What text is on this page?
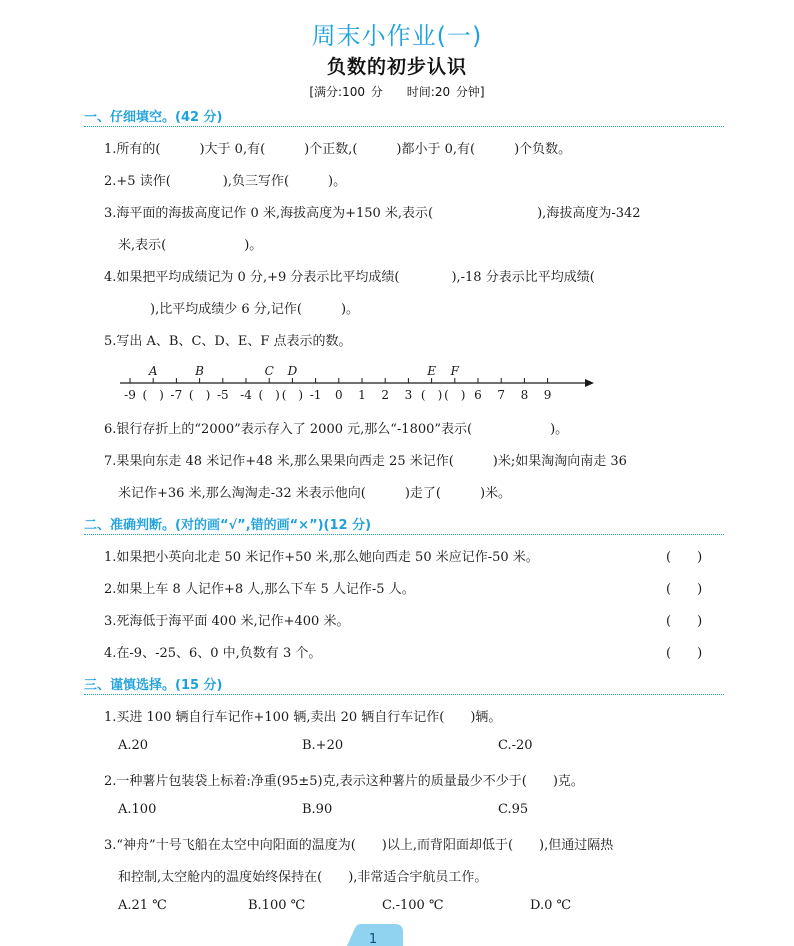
周末小作业(一)
负数的初步认识
[满分:100 分　　时间:20 分钟]
一、仔细填空。(42 分)
1.所有的(　　　)大于 0,有(　　　)个正数,(　　　)都小于 0,有(　　　)个负数。
2.+5 读作(　　　　),负三写作(　　　)。
3.海平面的海拔高度记作 0 米,海拔高度为+150 米,表示(　　　　　　　　),海拔高度为-342
米,表示(　　　　　　)。
4.如果把平均成绩记为 0 分,+9 分表示比平均成绩(　　　　),-18 分表示比平均成绩(
),比平均成绩少 6 分,记作(　　　)。
5.写出 A、B、C、D、E、F 点表示的数。
-9 (　) -7 (　) -5 -4 (　) (　) -1 0 1 2 3 (　) (　) 6 7 8 9
A	B	C D	E F
6.银行存折上的“2000”表示存入了 2000 元,那么“-1800”表示(　　　　　　)。
7.果果向东走 48 米记作+48 米,那么果果向西走 25 米记作(　　　)米;如果淘淘向南走 36
米记作+36 米,那么淘淘走-32 米表示他向(　　　)走了(　　　)米。
二、准确判断。(对的画“√”,错的画“×”)(12 分)
1.如果把小英向北走 50 米记作+50 米,那么她向西走 50 米应记作-50 米。	(　　)
2.如果上车 8 人记作+8 人,那么下车 5 人记作-5 人。	(　　)
3.死海低于海平面 400 米,记作+400 米。	(　　)
4.在-9、-25、6、0 中,负数有 3 个。	(　　)
三、谨慎选择。(15 分)
1.买进 100 辆自行车记作+100 辆,卖出 20 辆自行车记作(　　)辆。
A.20	B.+20	C.-20
2.一种薯片包装袋上标着:净重(95±5)克,表示这种薯片的质量最少不少于(　　)克。
A.100	B.90	C.95
3.“神舟”十号飞船在太空中向阳面的温度为(　　)以上,而背阳面却低于(　　),但通过隔热
和控制,太空舱内的温度始终保持在(　　),非常适合宇航员工作。
A.21 ℃	B.100 ℃	C.-100 ℃	D.0 ℃
1
